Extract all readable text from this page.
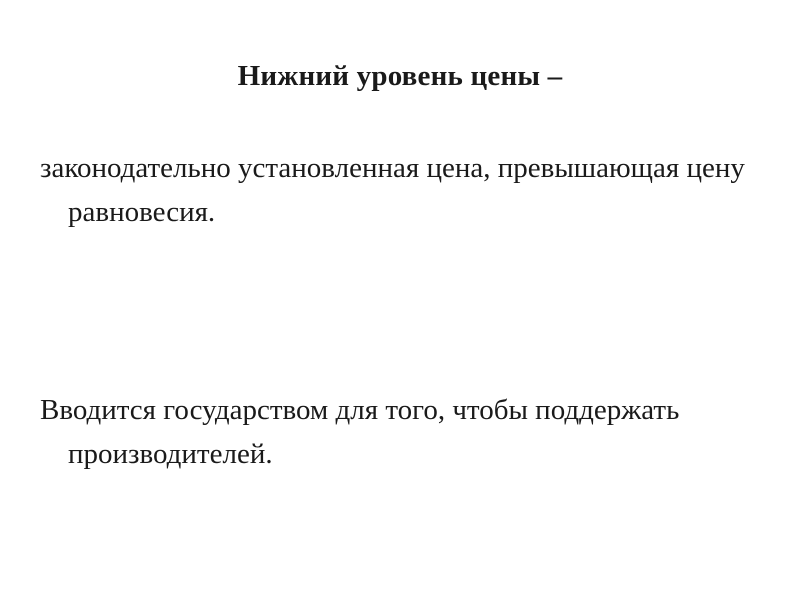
Нижний уровень цены –
законодательно установленная цена, превышающая цену равновесия.
Вводится государством для того, чтобы поддержать производителей.
